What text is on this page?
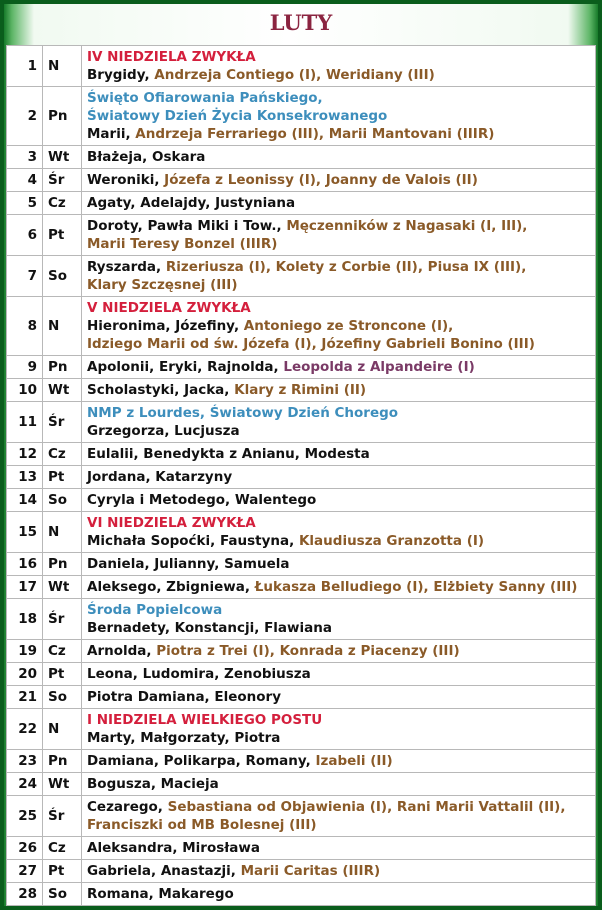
LUTY
1	N	IV NIEDZIELA ZWYKŁA
Brygidy, Andrzeja Contiego (I), Weridiany (III)

2	Pn	Święto Ofiarowania Pańskiego,
Światowy Dzień Życia Konsekrowanego
Marii, Andrzeja Ferrariego (III), Marii Mantovani (IIIR)

3	Wt	Błażeja, Oskara

4	Śr	Weroniki, Józefa z Leonissy (I), Joanny de Valois (II)

5	Cz	Agaty, Adelajdy, Justyniana

6	Pt	Doroty, Pawła Miki i Tow., Męczenników z Nagasaki (I, III),
Marii Teresy Bonzel (IIIR)

7	So	Ryszarda, Rizeriusza (I), Kolety z Corbie (II), Piusa IX (III),
Klary Szczęsnej (III)

8	N	V NIEDZIELA ZWYKŁA
Hieronima, Józefiny, Antoniego ze Stroncone (I),
Idziego Marii od św. Józefa (I), Józefiny Gabrieli Bonino (III)

9	Pn	Apolonii, Eryki, Rajnolda, Leopolda z Alpandeire (I)

10	Wt	Scholastyki, Jacka, Klary z Rimini (II)

11	Śr	NMP z Lourdes, Światowy Dzień Chorego
Grzegorza, Lucjusza

12	Cz	Eulalii, Benedykta z Anianu, Modesta

13	Pt	Jordana, Katarzyny

14	So	Cyryla i Metodego, Walentego

15	N	VI NIEDZIELA ZWYKŁA
Michała Sopoćki, Faustyna, Klaudiusza Granzotta (I)

16	Pn	Daniela, Julianny, Samuela

17	Wt	Aleksego, Zbigniewa, Łukasza Belludiego (I), Elżbiety Sanny (III)

18	Śr	Środa Popielcowa
Bernadety, Konstancji, Flawiana

19	Cz	Arnolda, Piotra z Trei (I), Konrada z Piacenzy (III)

20	Pt	Leona, Ludomira, Zenobiusza

21	So	Piotra Damiana, Eleonory

22	N	I NIEDZIELA WIELKIEGO POSTU
Marty, Małgorzaty, Piotra

23	Pn	Damiana, Polikarpa, Romany, Izabeli (II)

24	Wt	Bogusza, Macieja

25	Śr	Cezarego, Sebastiana od Objawienia (I), Rani Marii Vattalil (II),
Franciszki od MB Bolesnej (III)

26	Cz	Aleksandra, Mirosława

27	Pt	Gabriela, Anastazji, Marii Caritas (IIIR)

28	So	Romana, Makarego
